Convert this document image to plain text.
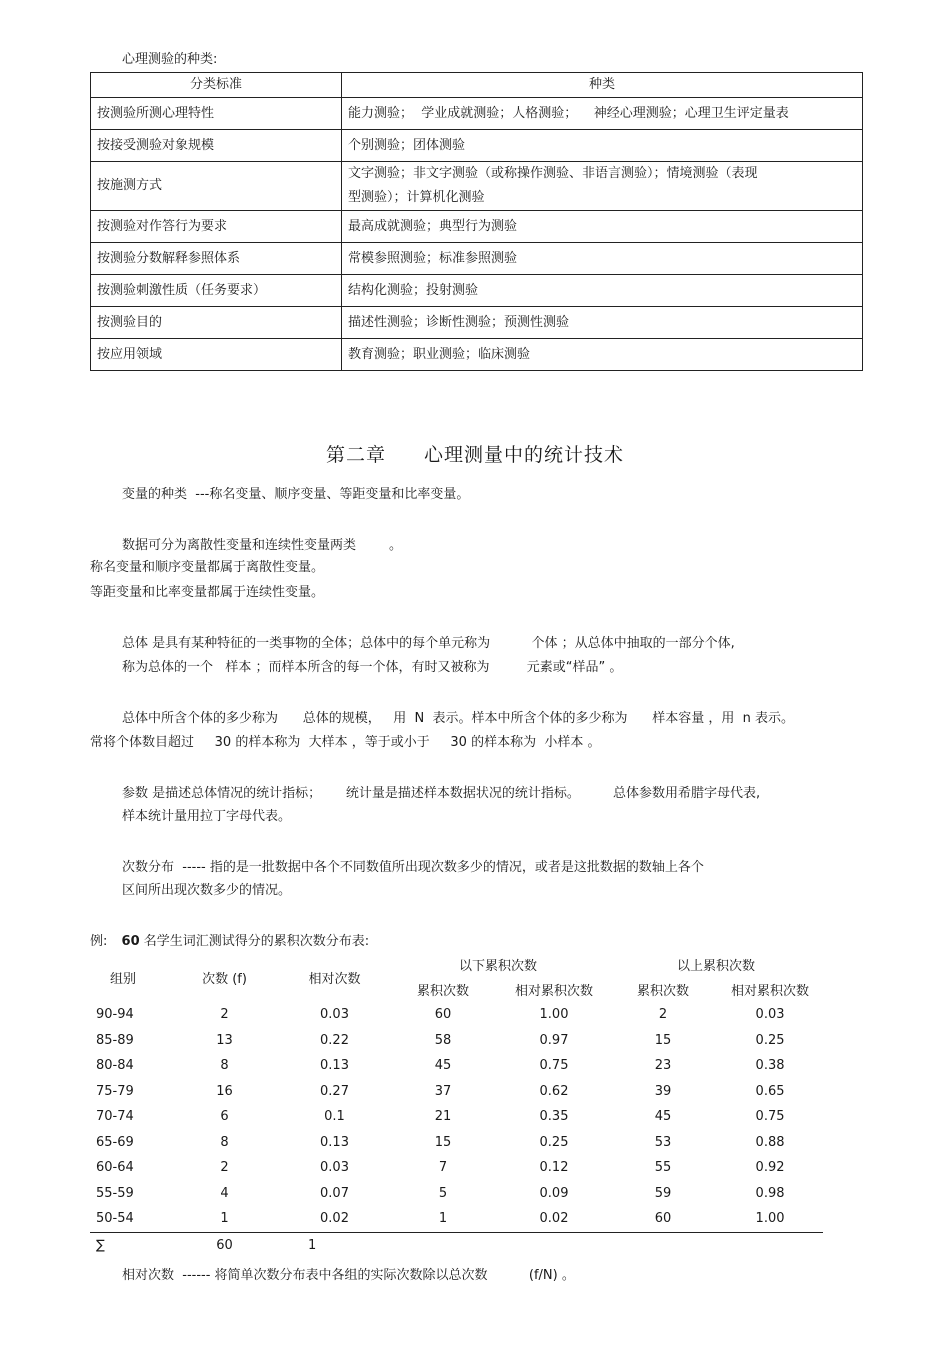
心理测验的种类:
分类标准	种类
按测验所测心理特性	能力测验；  学业成就测验；人格测验；    神经心理测验；心理卫生评定量表
按接受测验对象规模	个别测验；团体测验
按施测方式	文字测验；非文字测验（或称操作测验、非语言测验）；情境测验（表现
型测验）；计算机化测验

按测验对作答行为要求	最高成就测验；典型行为测验
按测验分数解释参照体系	常模参照测验；标准参照测验
按测验刺激性质（任务要求）	结构化测验；投射测验
按测验目的	描述性测验；诊断性测验；预测性测验
按应用领域	教育测验；职业测验；临床测验
第二章 心理测量中的统计技术
变量的种类  ---称名变量、顺序变量、等距变量和比率变量。
数据可分为离散性变量和连续性变量两类        。
称名变量和顺序变量都属于离散性变量。
等距变量和比率变量都属于连续性变量。
总体 是具有某种特征的一类事物的全体；总体中的每个单元称为          个体 ；从总体中抽取的一部分个体,
称为总体的一个   样本 ；而样本所含的每一个体，有时又被称为         元素或“样品” 。
总体中所含个体的多少称为      总体的规模，   用  N  表示。样本中所含个体的多少称为      样本容量 ，用  n 表示。
常将个体数目超过     30 的样本称为  大样本 ，等于或小于     30 的样本称为  小样本 。
参数 是描述总体情况的统计指标；      统计量是描述样本数据状况的统计指标。        总体参数用希腊字母代表,
样本统计量用拉丁字母代表。
次数分布  ----- 指的是一批数据中各个不同数值所出现次数多少的情况，或者是这批数据的数轴上各个
区间所出现次数多少的情况。
例: 60 名学生词汇测试得分的累积次数分布表:
组别	次数 (f)	相对次数	以下累积次数		以上累积次数	
			累积次数	相对累积次数	累积次数	相对累积次数
90-94	2	0.03	60	1.00	2	0.03
85-89	13	0.22	58	0.97	15	0.25
80-84	8	0.13	45	0.75	23	0.38
75-79	16	0.27	37	0.62	39	0.65
70-74	6	0.1	21	0.35	45	0.75
65-69	8	0.13	15	0.25	53	0.88
60-64	2	0.03	7	0.12	55	0.92
55-59	4	0.07	5	0.09	59	0.98
50-54	1	0.02	1	0.02	60	1.00
∑	60	1				
相对次数  ------ 将简单次数分布表中各组的实际次数除以总次数          (f/N) 。
